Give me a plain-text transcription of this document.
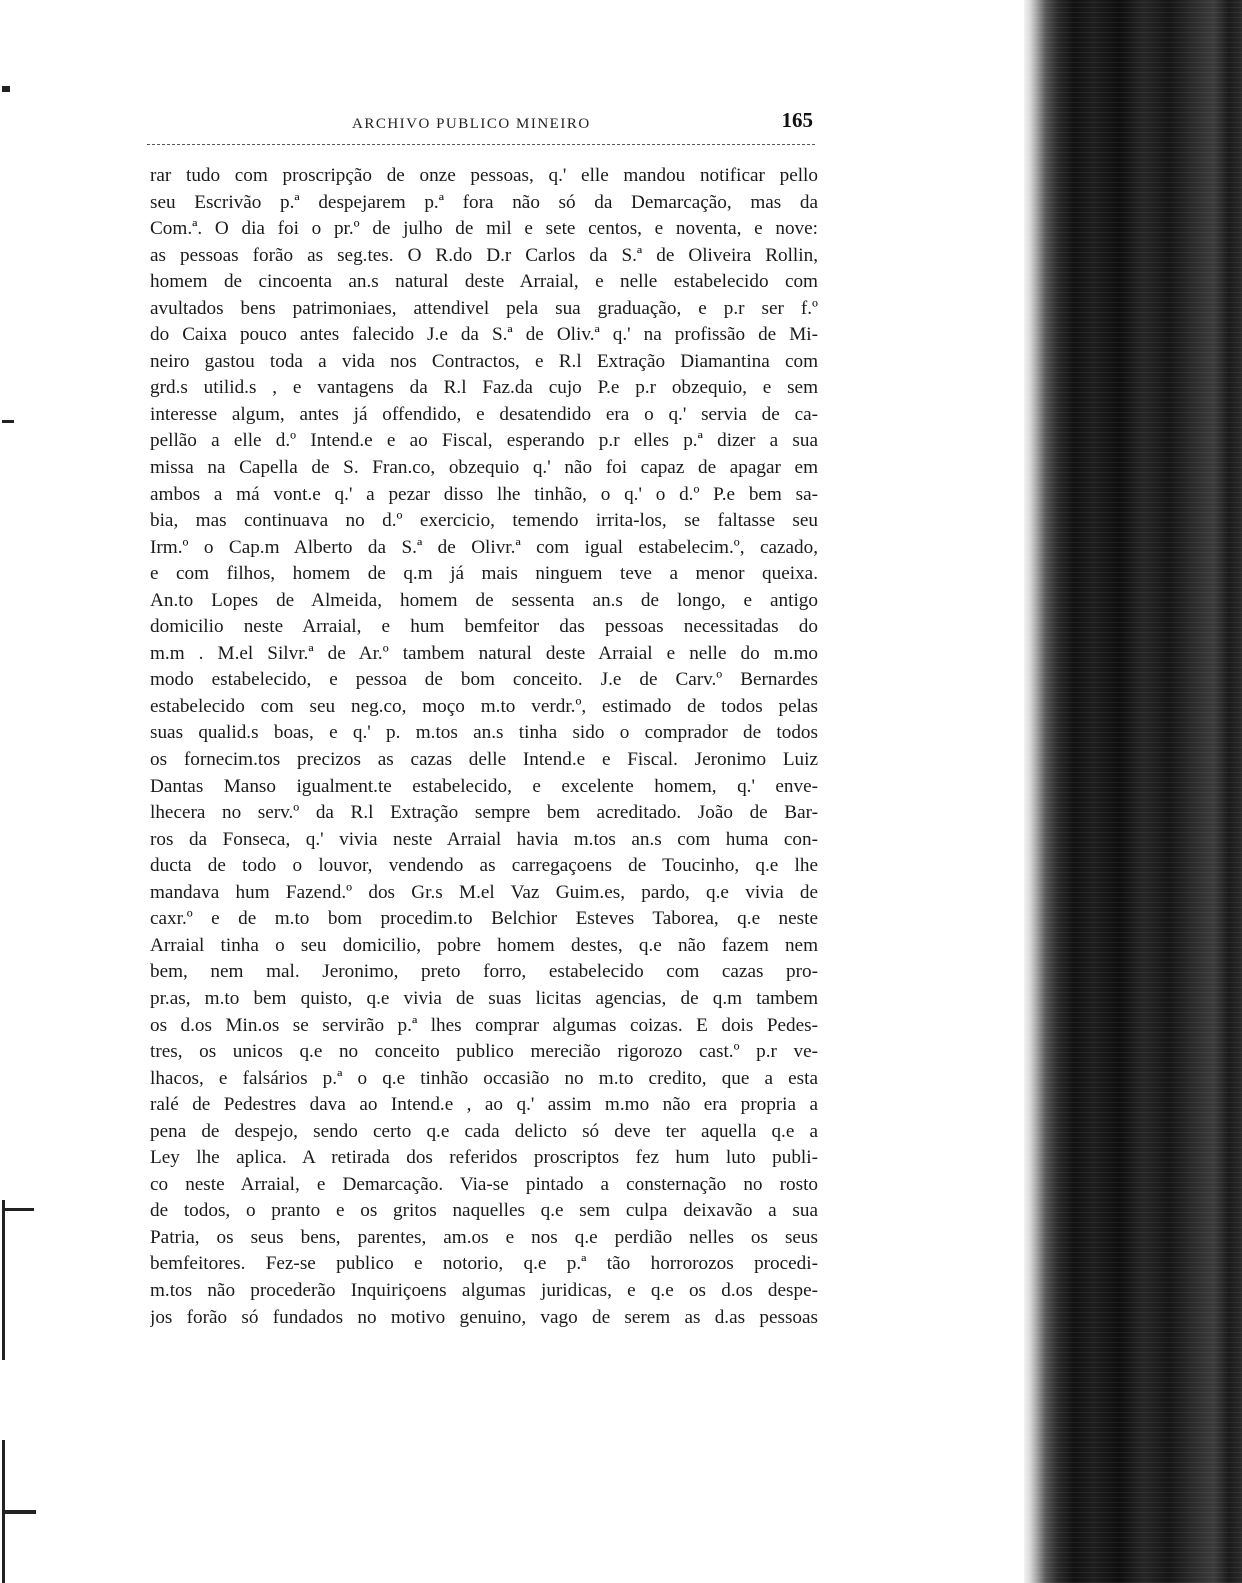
ARCHIVO PUBLICO MINEIRO	165
rar tudo com proscripção de onze pessoas, q.' elle mandou notificar pello
seu Escrivão p.ª despejarem p.ª fora não só da Demarcação, mas da
Com.ª. O dia foi o pr.º de julho de mil e sete centos, e noventa, e nove:
as pessoas forão as seg.tes. O R.do D.r Carlos da S.ª de Oliveira Rollin,
homem de cincoenta an.s natural deste Arraial, e nelle estabelecido com
avultados bens patrimoniaes, attendivel pela sua graduação, e p.r ser f.º
do Caixa pouco antes falecido J.e da S.ª de Oliv.ª q.' na profissão de Mi-
neiro gastou toda a vida nos Contractos, e R.l Extração Diamantina com
grd.s utilid.s , e vantagens da R.l Faz.da cujo P.e p.r obzequio, e sem
interesse algum, antes já offendido, e desatendido era o q.' servia de ca-
pellão a elle d.º Intend.e e ao Fiscal, esperando p.r elles p.ª dizer a sua
missa na Capella de S. Fran.co, obzequio q.' não foi capaz de apagar em
ambos a má vont.e q.' a pezar disso lhe tinhão, o q.' o d.º P.e bem sa-
bia, mas continuava no d.º exercicio, temendo irrita-los, se faltasse seu
Irm.º o Cap.m Alberto da S.ª de Olivr.ª com igual estabelecim.º, cazado,
e com filhos, homem de q.m já mais ninguem teve a menor queixa.
An.to Lopes de Almeida, homem de sessenta an.s de longo, e antigo
domicilio neste Arraial, e hum bemfeitor das pessoas necessitadas do
m.m . M.el Silvr.ª de Ar.º tambem natural deste Arraial e nelle do m.mo
modo estabelecido, e pessoa de bom conceito. J.e de Carv.º Bernardes
estabelecido com seu neg.co, moço m.to verdr.º, estimado de todos pelas
suas qualid.s boas, e q.' p. m.tos an.s tinha sido o comprador de todos
os fornecim.tos precizos as cazas delle Intend.e e Fiscal. Jeronimo Luiz
Dantas Manso igualment.te estabelecido, e excelente homem, q.' enve-
lhecera no serv.º da R.l Extração sempre bem acreditado. João de Bar-
ros da Fonseca, q.' vivia neste Arraial havia m.tos an.s com huma con-
ducta de todo o louvor, vendendo as carregaçoens de Toucinho, q.e lhe
mandava hum Fazend.º dos Gr.s M.el Vaz Guim.es, pardo, q.e vivia de
caxr.º e de m.to bom procedim.to Belchior Esteves Taborea, q.e neste
Arraial tinha o seu domicilio, pobre homem destes, q.e não fazem nem
bem, nem mal. Jeronimo, preto forro, estabelecido com cazas pro-
pr.as, m.to bem quisto, q.e vivia de suas licitas agencias, de q.m tambem
os d.os Min.os se servirão p.ª lhes comprar algumas coizas. E dois Pedes-
tres, os unicos q.e no conceito publico merecião rigorozo cast.º p.r ve-
lhacos, e falsários p.ª o q.e tinhão occasião no m.to credito, que a esta
ralé de Pedestres dava ao Intend.e , ao q.' assim m.mo não era propria a
pena de despejo, sendo certo q.e cada delicto só deve ter aquella q.e a
Ley lhe aplica. A retirada dos referidos proscriptos fez hum luto publi-
co neste Arraial, e Demarcação. Via-se pintado a consternação no rosto
de todos, o pranto e os gritos naquelles q.e sem culpa deixavão a sua
Patria, os seus bens, parentes, am.os e nos q.e perdião nelles os seus
bemfeitores. Fez-se publico e notorio, q.e p.ª tão horrorozos procedi-
m.tos não procederão Inquiriçoens algumas juridicas, e q.e os d.os despe-
jos forão só fundados no motivo genuino, vago de serem as d.as pessoas
